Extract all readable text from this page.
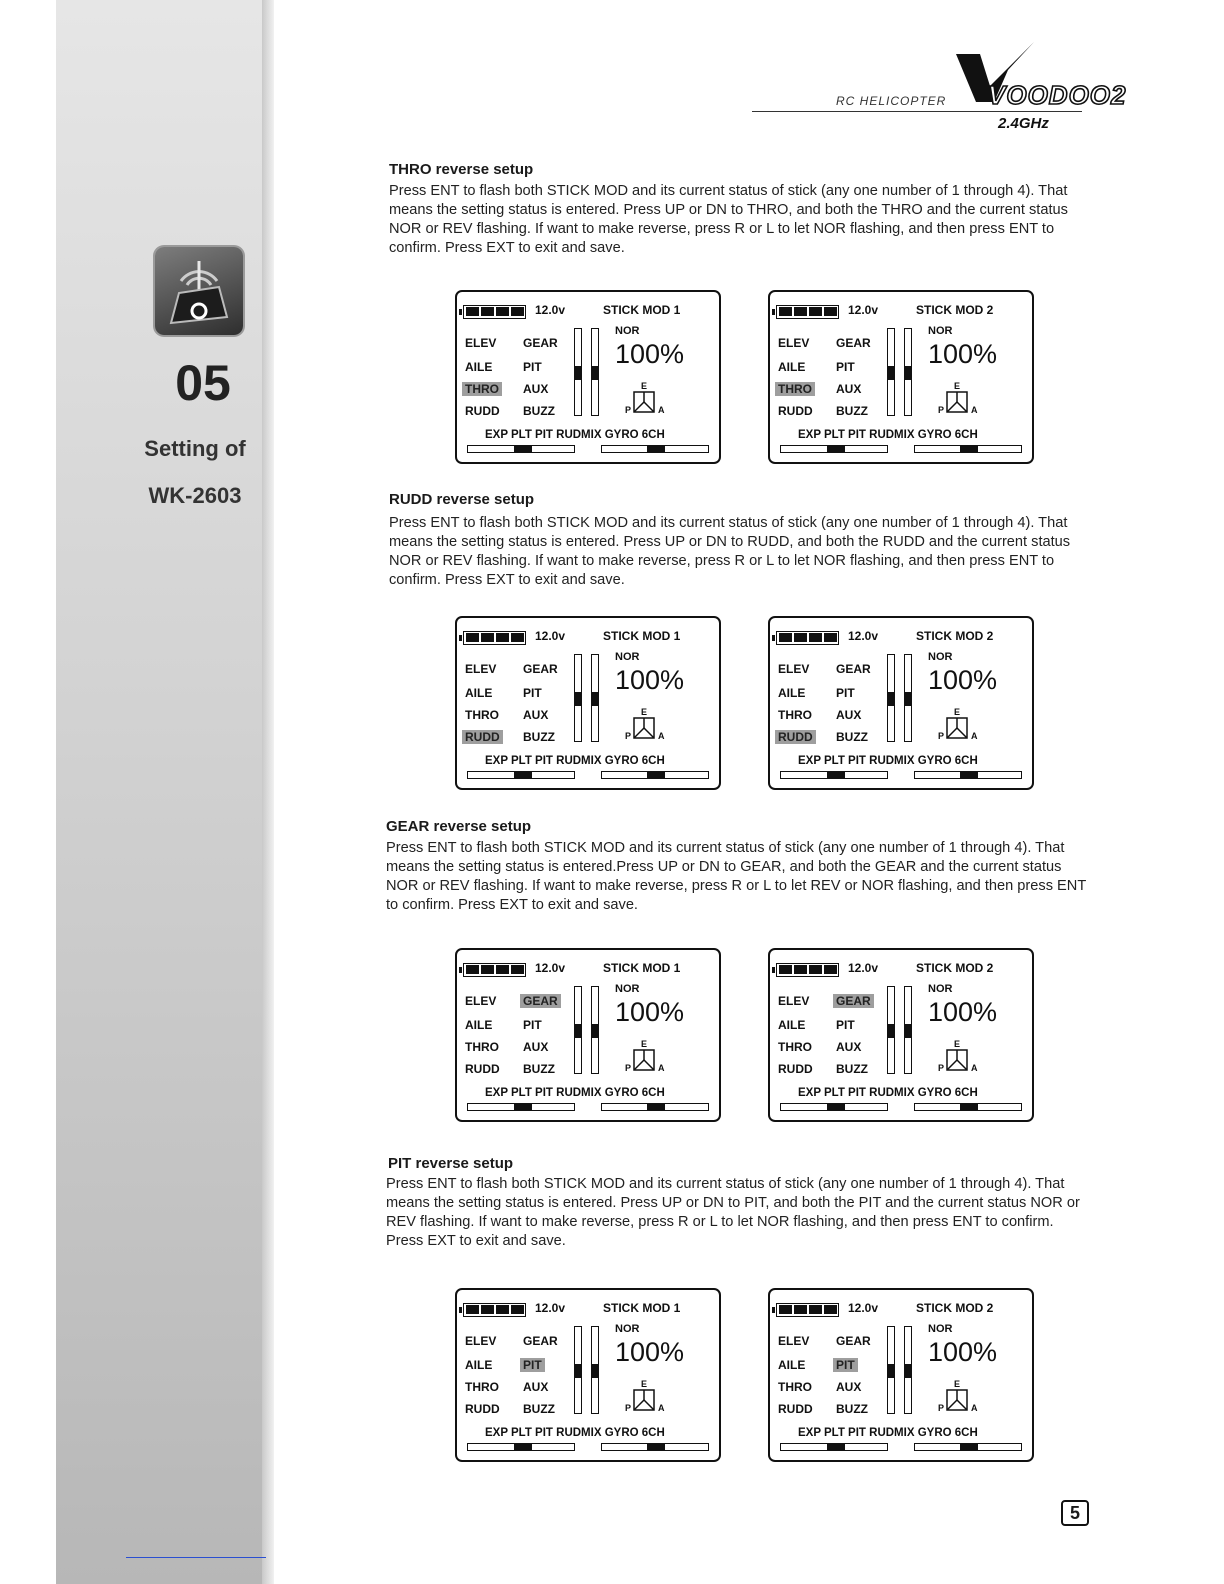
05
Setting of
WK-2603
RC HELICOPTER VOODOO2
2.4GHz
THRO reverse setup
Press ENT to flash both STICK MOD and its current status of stick (any one number of 1 through 4). That means the setting status is entered. Press UP or DN to THRO, and both the THRO and the current status NOR or REV flashing. If want to make reverse, press R or L to let NOR flashing, and then press ENT to confirm. Press EXT to exit and save.
RUDD reverse setup
Press ENT to flash both STICK MOD and its current status of stick (any one number of 1 through 4). That means the setting status is entered. Press UP or DN to RUDD, and both the RUDD and the current status NOR or REV flashing. If want to make reverse, press R or L to let NOR flashing, and then press ENT to confirm. Press EXT to exit and save.
GEAR reverse setup
Press ENT to flash both STICK MOD and its current status of stick (any one number of 1 through 4). That means the setting status is entered.Press UP or DN to GEAR, and both the GEAR and the current status NOR or REV flashing. If want to make reverse, press R or L to let REV or NOR flashing, and then press ENT to confirm. Press EXT to exit and save.
PIT reverse setup
Press ENT to flash both STICK MOD and its current status of stick (any one number of 1 through 4). That means the setting status is entered. Press UP or DN to PIT, and both the PIT and the current status NOR or REV flashing. If want to make reverse, press R or L to let NOR flashing, and then press ENT to confirm. Press EXT to exit and save.
5
12.0v	STICK MOD 1
ELEV
AILE
THRO
RUDD
GEAR
PIT
AUX
BUZZ
NOR
100%
E
P	A
EXP PLT PIT RUDMIX GYRO 6CH
12.0v	STICK MOD 2
ELEV
AILE
THRO
RUDD
GEAR
PIT
AUX
BUZZ
NOR
100%
E
P	A
EXP PLT PIT RUDMIX GYRO 6CH
12.0v	STICK MOD 1
ELEV
AILE
THRO
RUDD
GEAR
PIT
AUX
BUZZ
NOR
100%
E
P	A
EXP PLT PIT RUDMIX GYRO 6CH
12.0v	STICK MOD 2
ELEV
AILE
THRO
RUDD
GEAR
PIT
AUX
BUZZ
NOR
100%
E
P	A
EXP PLT PIT RUDMIX GYRO 6CH
12.0v	STICK MOD 1
ELEV
AILE
THRO
RUDD
GEAR
PIT
AUX
BUZZ
NOR
100%
E
P	A
EXP PLT PIT RUDMIX GYRO 6CH
12.0v	STICK MOD 2
ELEV
AILE
THRO
RUDD
GEAR
PIT
AUX
BUZZ
NOR
100%
E
P	A
EXP PLT PIT RUDMIX GYRO 6CH
12.0v	STICK MOD 1
ELEV
AILE
THRO
RUDD
GEAR
PIT
AUX
BUZZ
NOR
100%
E
P	A
EXP PLT PIT RUDMIX GYRO 6CH
12.0v	STICK MOD 2
ELEV
AILE
THRO
RUDD
GEAR
PIT
AUX
BUZZ
NOR
100%
E
P	A
EXP PLT PIT RUDMIX GYRO 6CH
